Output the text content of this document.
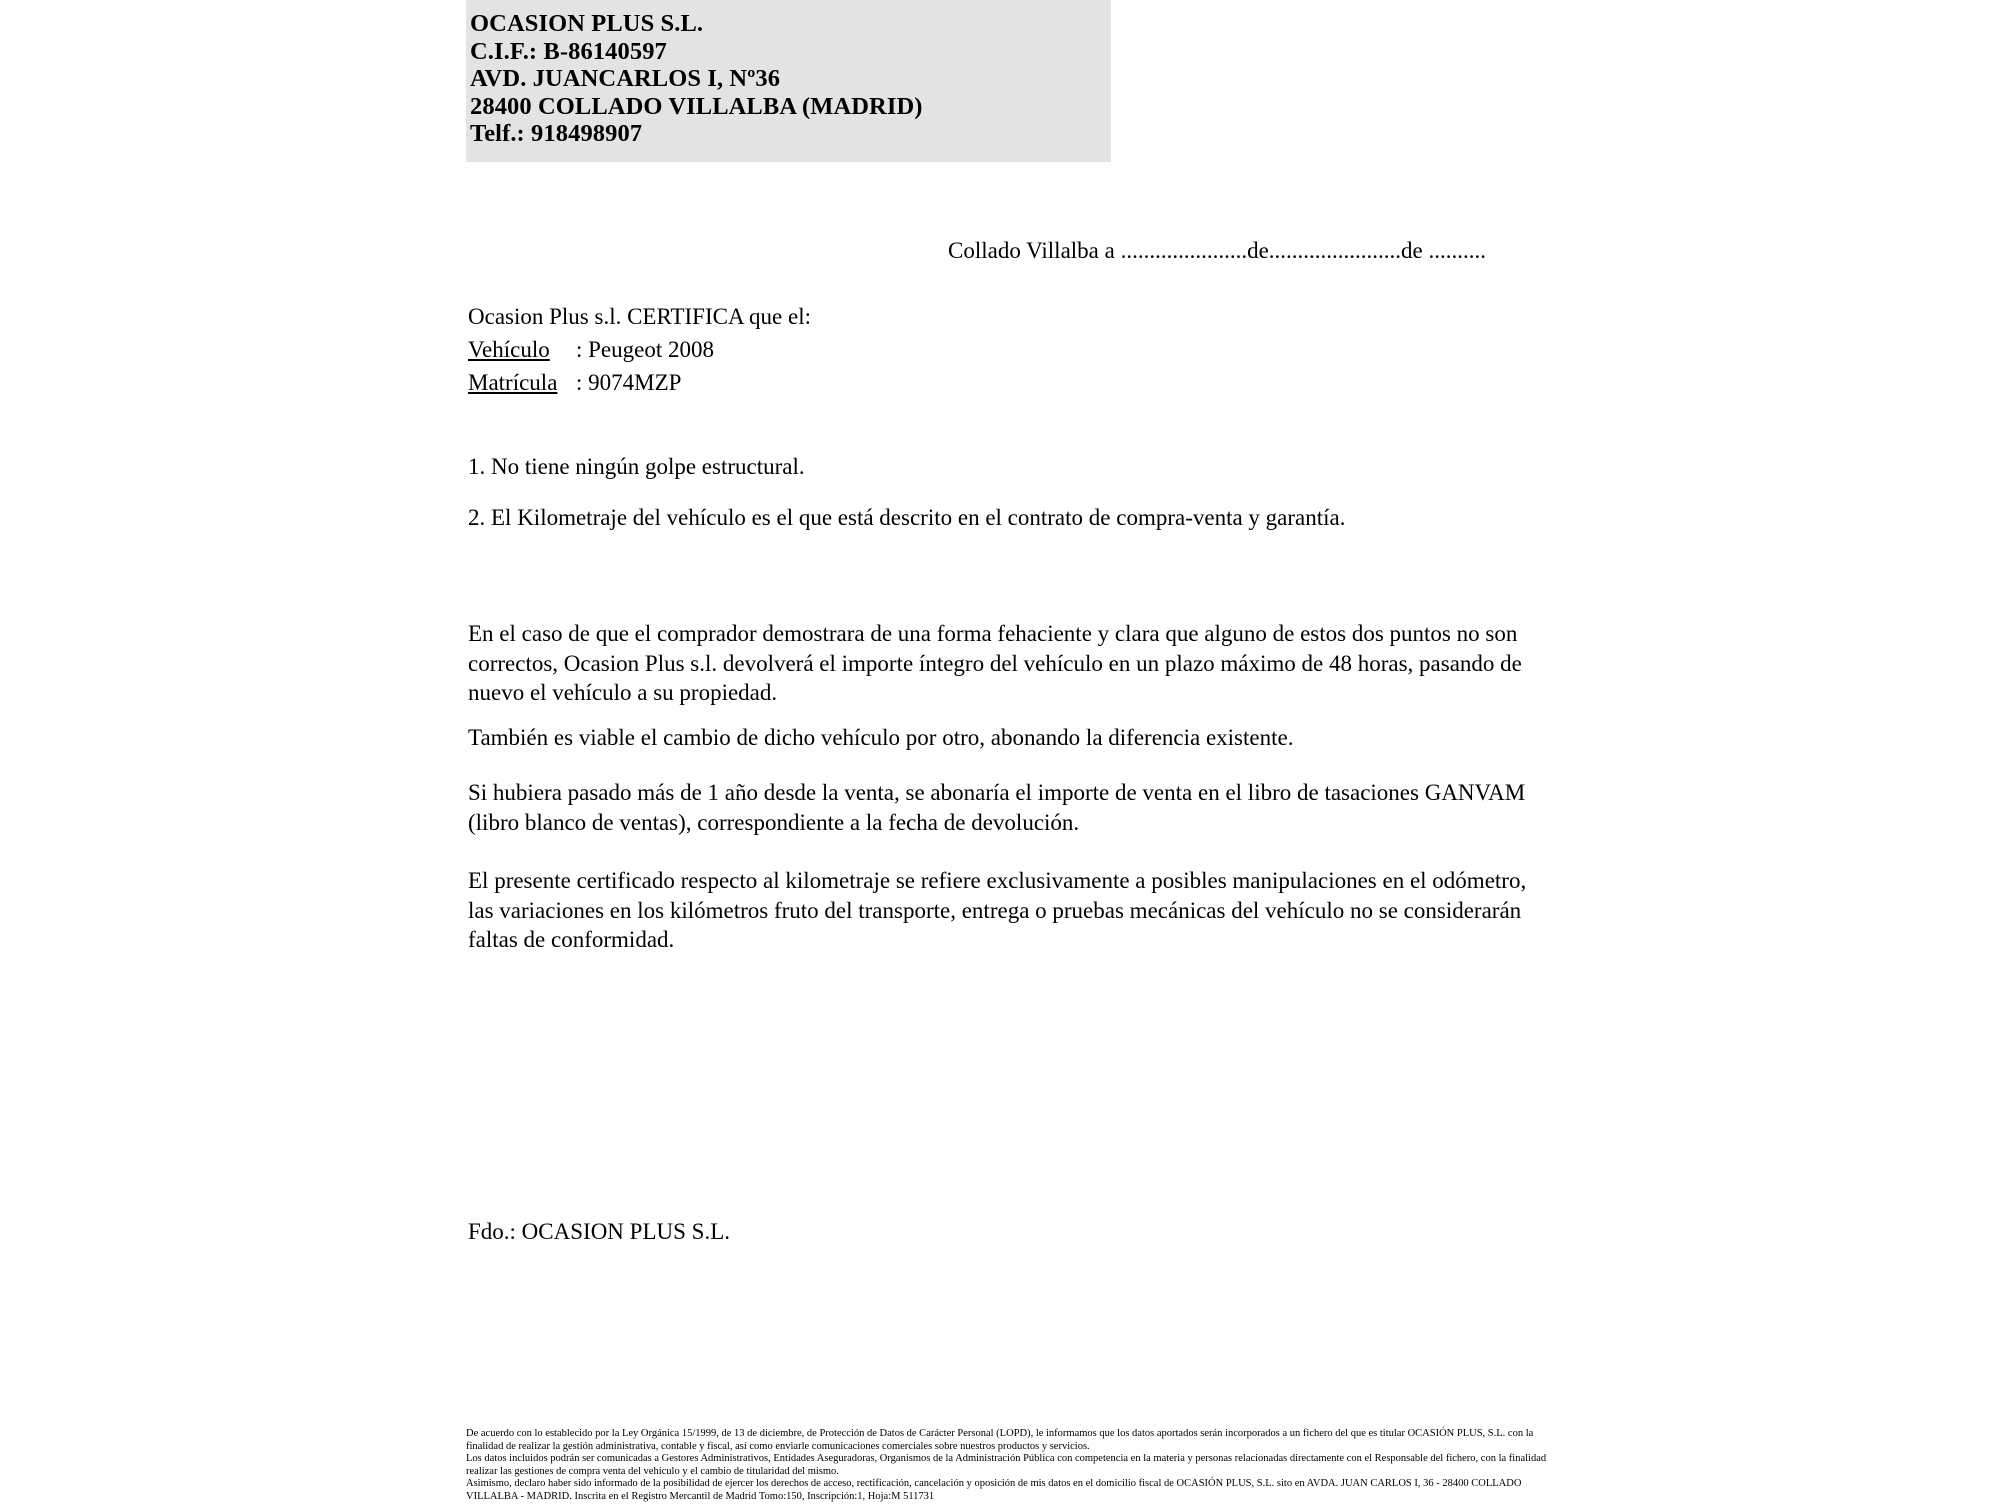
OCASION PLUS S.L.
C.I.F.: B-86140597
AVD. JUANCARLOS I, Nº36
28400 COLLADO VILLALBA (MADRID)
Telf.: 918498907
Collado Villalba a ......................de.......................de ..........
Ocasion Plus s.l. CERTIFICA que el:
Vehículo : Peugeot 2008
Matrícula : 9074MZP
1. No tiene ningún golpe estructural.
2. El Kilometraje del vehículo es el que está descrito en el contrato de compra-venta y garantía.
En el caso de que el comprador demostrara de una forma fehaciente y clara que alguno de estos dos puntos no son correctos, Ocasion Plus s.l. devolverá el importe íntegro del vehículo en un plazo máximo de 48 horas, pasando de nuevo el vehículo a su propiedad.
También es viable el cambio de dicho vehículo por otro, abonando la diferencia existente.
Si hubiera pasado más de 1 año desde la venta, se abonaría el importe de venta en el libro de tasaciones GANVAM (libro blanco de ventas), correspondiente a la fecha de devolución.
El presente certificado respecto al kilometraje se refiere exclusivamente a posibles manipulaciones en el odómetro, las variaciones en los kilómetros fruto del transporte, entrega o pruebas mecánicas del vehículo no se considerarán faltas de conformidad.
Fdo.: OCASION PLUS S.L.

De acuerdo con lo establecido por la Ley Orgánica 15/1999, de 13 de diciembre, de Protección de Datos de Carácter Personal (LOPD), le informamos que los datos aportados serán incorporados a un fichero del que es titular OCASIÓN PLUS, S.L. con la finalidad de realizar la gestión administrativa, contable y fiscal, así como enviarle comunicaciones comerciales sobre nuestros productos y servicios.

Los datos incluidos podrán ser comunicadas a Gestores Administrativos, Entidades Aseguradoras, Organismos de la Administración Pública con competencia en la materia y personas relacionadas directamente con el Responsable del fichero, con la finalidad realizar las gestiones de compra venta del vehículo y el cambio de titularidad del mismo.

Asimismo, declaro haber sido informado de la posibilidad de ejercer los derechos de acceso, rectificación, cancelación y oposición de mis datos en el domicilio fiscal de OCASIÓN PLUS, S.L. sito en AVDA. JUAN CARLOS I, 36 - 28400 COLLADO VILLALBA - MADRID. Inscrita en el Registro Mercantil de Madrid Tomo:150, Inscripción:1, Hoja:M 511731
